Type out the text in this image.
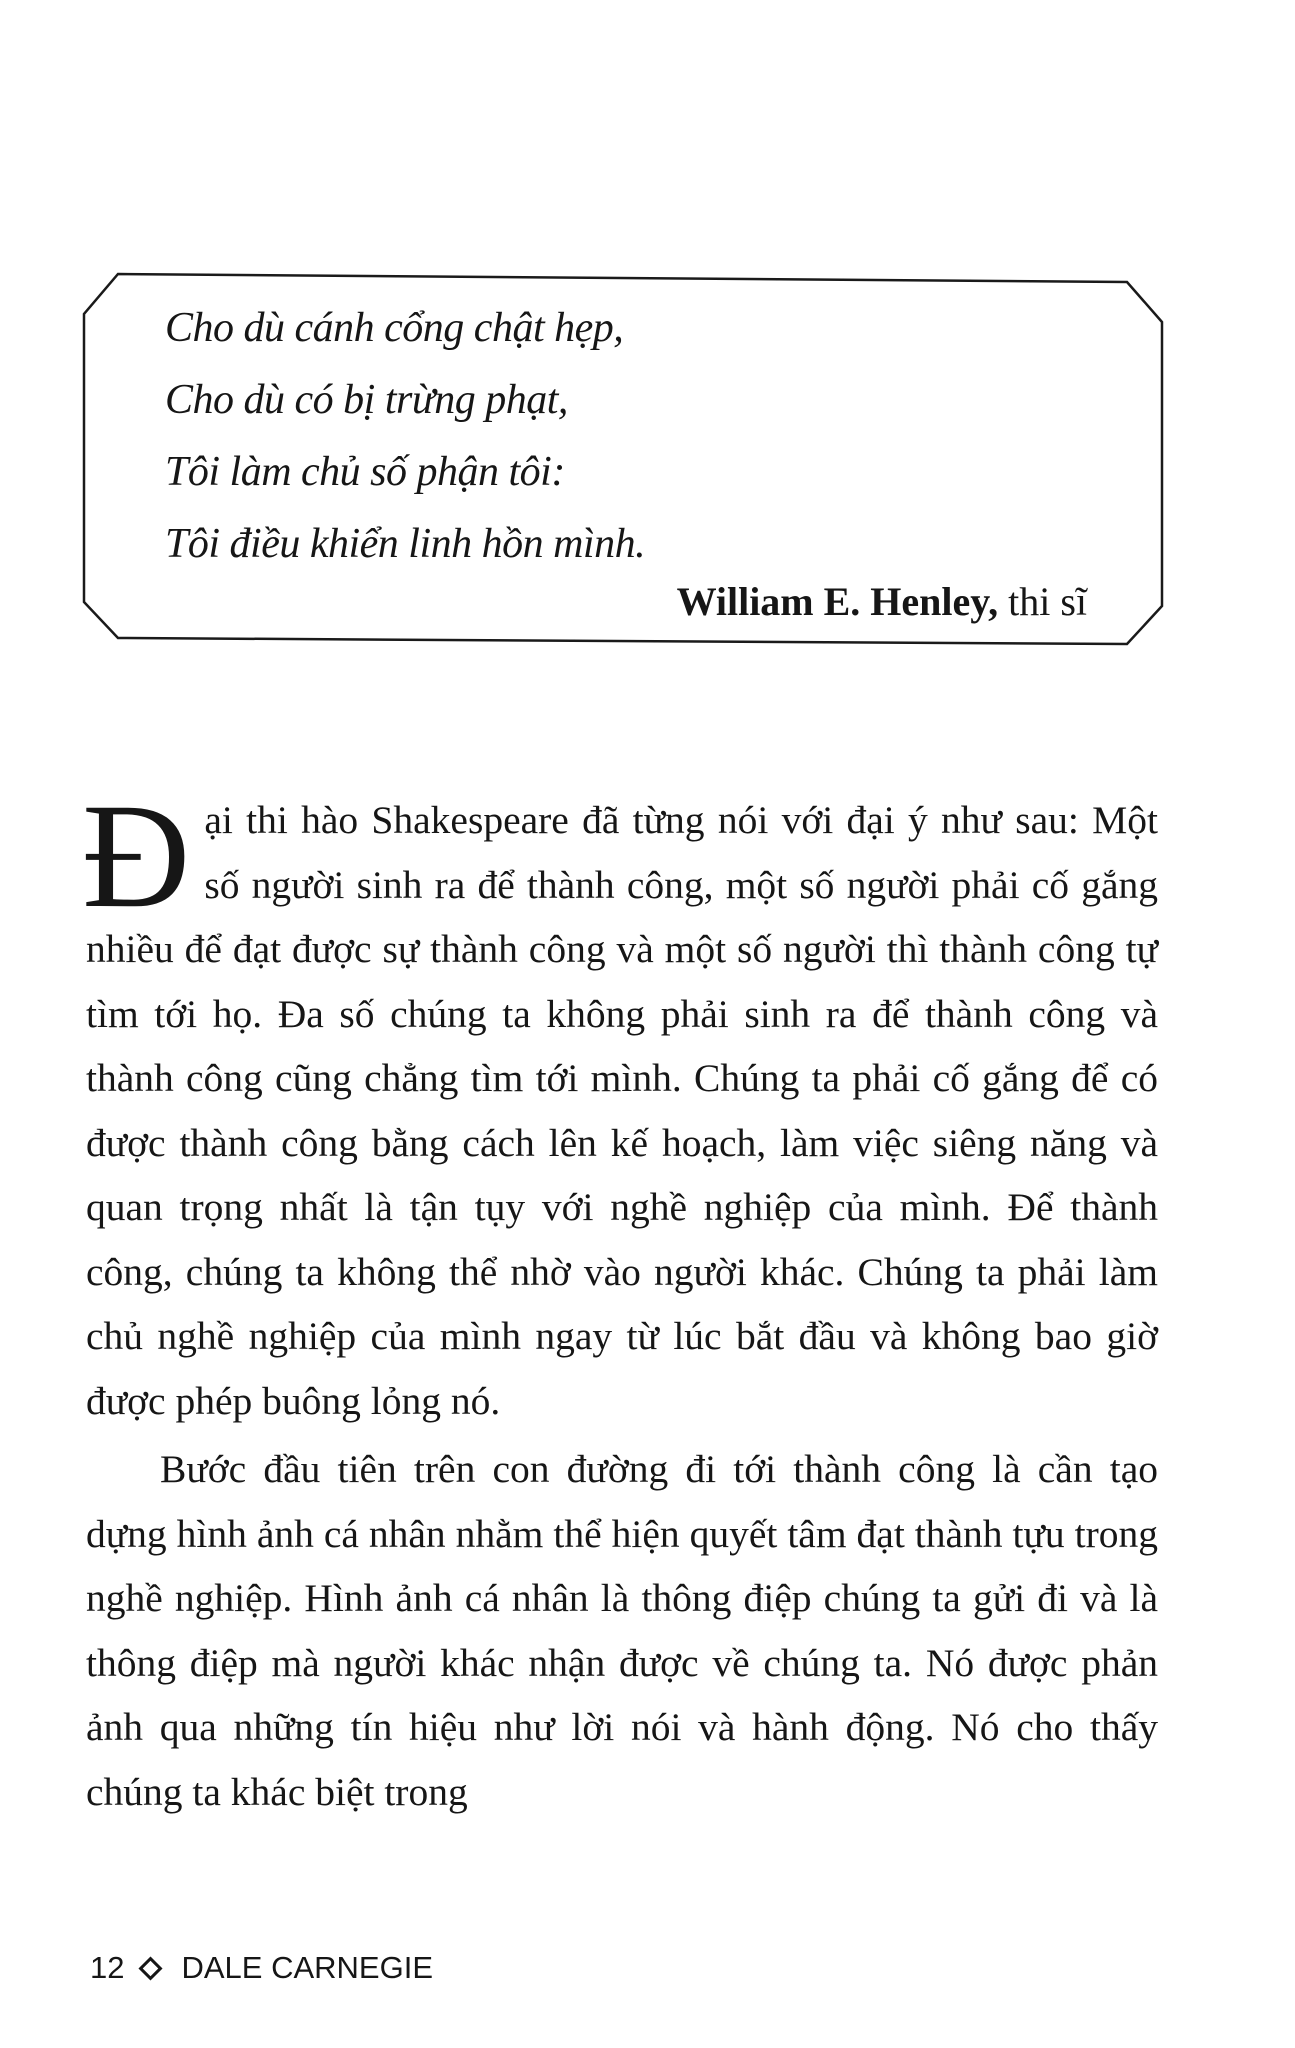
Cho dù cánh cổng chật hẹp,
Cho dù có bị trừng phạt,
Tôi làm chủ số phận tôi:
Tôi điều khiển linh hồn mình.
William E. Henley, thi sĩ

Đại thi hào Shakespeare đã từng nói với đại ý như sau: Một số người sinh ra để thành công, một số người phải cố gắng nhiều để đạt được sự thành công và một số người thì thành công tự tìm tới họ. Đa số chúng ta không phải sinh ra để thành công và thành công cũng chẳng tìm tới mình. Chúng ta phải cố gắng để có được thành công bằng cách lên kế hoạch, làm việc siêng năng và quan trọng nhất là tận tụy với nghề nghiệp của mình. Để thành công, chúng ta không thể nhờ vào người khác. Chúng ta phải làm chủ nghề nghiệp của mình ngay từ lúc bắt đầu và không bao giờ được phép buông lỏng nó.

Bước đầu tiên trên con đường đi tới thành công là cần tạo dựng hình ảnh cá nhân nhằm thể hiện quyết tâm đạt thành tựu trong nghề nghiệp. Hình ảnh cá nhân là thông điệp chúng ta gửi đi và là thông điệp mà người khác nhận được về chúng ta. Nó được phản ảnh qua những tín hiệu như lời nói và hành động. Nó cho thấy chúng ta khác biệt trong

12 DALE CARNEGIE
